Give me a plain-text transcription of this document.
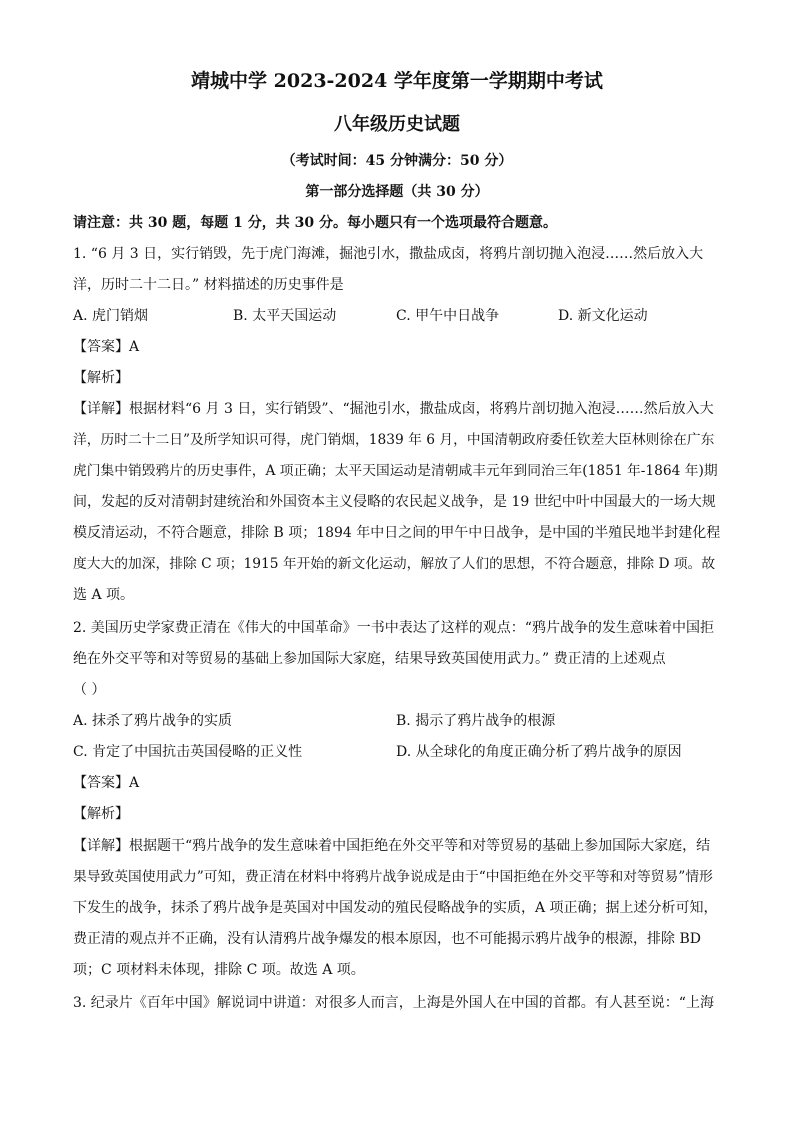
靖城中学 2023-2024 学年度第一学期期中考试
八年级历史试题
（考试时间：45 分钟满分：50 分）
第一部分选择题（共 30 分）
请注意：共 30 题，每题 1 分，共 30 分。每小题只有一个选项最符合题意。
1. “6 月 3 日，实行销毁，先于虎门海滩，掘池引水，撒盐成卤，将鸦片剖切抛入泡浸……然后放入大
洋，历时二十二日。” 材料描述的历史事件是
A. 虎门销烟	B. 太平天国运动	C. 甲午中日战争	D. 新文化运动
【答案】A
【解析】
【详解】根据材料“6 月 3 日，实行销毁”、“掘池引水，撒盐成卤，将鸦片剖切抛入泡浸……然后放入大
洋，历时二十二日”及所学知识可得，虎门销烟，1839 年 6 月，中国清朝政府委任钦差大臣林则徐在广东
虎门集中销毁鸦片的历史事件，A 项正确；太平天国运动是清朝咸丰元年到同治三年(1851 年-1864 年)期
间，发起的反对清朝封建统治和外国资本主义侵略的农民起义战争，是 19 世纪中叶中国最大的一场大规
模反清运动，不符合题意，排除 B 项；1894 年中日之间的甲午中日战争，是中国的半殖民地半封建化程
度大大的加深，排除 C 项；1915 年开始的新文化运动，解放了人们的思想，不符合题意，排除 D 项。故
选 A 项。
2. 美国历史学家费正清在《伟大的中国革命》一书中表达了这样的观点：“鸦片战争的发生意味着中国拒
绝在外交平等和对等贸易的基础上参加国际大家庭，结果导致英国使用武力。” 费正清的上述观点
（ ）
A. 抹杀了鸦片战争的实质	B. 揭示了鸦片战争的根源
C. 肯定了中国抗击英国侵略的正义性	D. 从全球化的角度正确分析了鸦片战争的原因
【答案】A
【解析】
【详解】根据题干“鸦片战争的发生意味着中国拒绝在外交平等和对等贸易的基础上参加国际大家庭，结
果导致英国使用武力”可知，费正清在材料中将鸦片战争说成是由于“中国拒绝在外交平等和对等贸易”情形
下发生的战争，抹杀了鸦片战争是英国对中国发动的殖民侵略战争的实质，A 项正确；据上述分析可知，
费正清的观点并不正确，没有认清鸦片战争爆发的根本原因，也不可能揭示鸦片战争的根源，排除 BD
项；C 项材料未体现，排除 C 项。故选 A 项。
3. 纪录片《百年中国》解说词中讲道：对很多人而言，上海是外国人在中国的首都。有人甚至说：“上海
